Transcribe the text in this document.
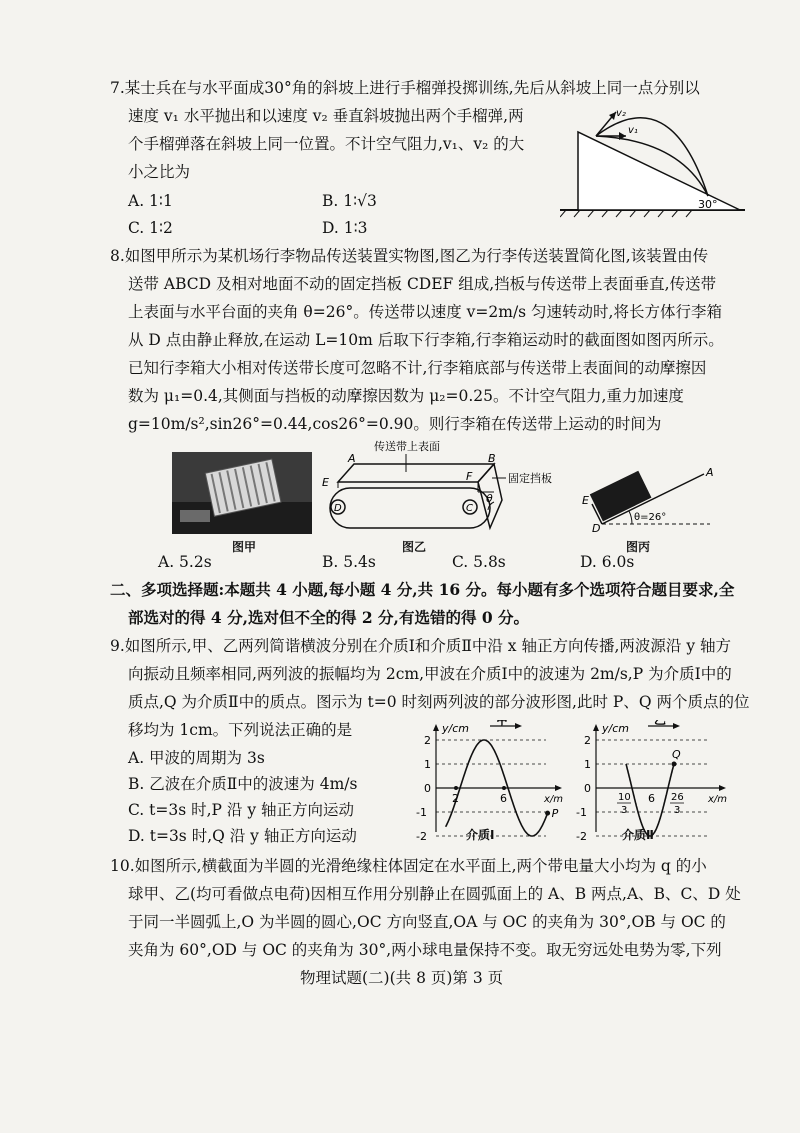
7.某士兵在与水平面成30°角的斜坡上进行手榴弹投掷训练,先后从斜坡上同一点分别以
速度 v₁ 水平抛出和以速度 v₂ 垂直斜坡抛出两个手榴弹,两
个手榴弹落在斜坡上同一位置。不计空气阻力,v₁、v₂ 的大
小之比为
A. 1∶1	B. 1∶√3
C. 1∶2	D. 1∶3
v₂
v₁
30°
8.如图甲所示为某机场行李物品传送装置实物图,图乙为行李传送装置简化图,该装置由传
送带 ABCD 及相对地面不动的固定挡板 CDEF 组成,挡板与传送带上表面垂直,传送带
上表面与水平台面的夹角 θ=26°。传送带以速度 v=2m/s 匀速转动时,将长方体行李箱
从 D 点由静止释放,在运动 L=10m 后取下行李箱,行李箱运动时的截面图如图丙所示。
已知行李箱大小相对传送带长度可忽略不计,行李箱底部与传送带上表面间的动摩擦因
数为 μ₁=0.4,其侧面与挡板的动摩擦因数为 μ₂=0.25。不计空气阻力,重力加速度
g=10m/s²,sin26°=0.44,cos26°=0.90。则行李箱在传送带上运动的时间为
图甲
传送带上表面
固定挡板
A	B
C
D
E	F
θ
图乙
E
D
A
θ=26°
图丙
A. 5.2s	B. 5.4s	C. 5.8s	D. 6.0s
二、多项选择题:本题共 4 小题,每小题 4 分,共 16 分。每小题有多个选项符合题目要求,全
部选对的得 4 分,选对但不全的得 2 分,有选错的得 0 分。
9.如图所示,甲、乙两列简谐横波分别在介质Ⅰ和介质Ⅱ中沿 x 轴正方向传播,两波源沿 y 轴方
向振动且频率相同,两列波的振幅均为 2cm,甲波在介质Ⅰ中的波速为 2m/s,P 为介质Ⅰ中的
质点,Q 为介质Ⅱ中的质点。图示为 t=0 时刻两列波的部分波形图,此时 P、Q 两个质点的位
移均为 1cm。下列说法正确的是
A. 甲波的周期为 3s
B. 乙波在介质Ⅱ中的波速为 4m/s
C. t=3s 时,P 沿 y 轴正方向运动
D. t=3s 时,Q 沿 y 轴正方向运动
y/cm
甲
x/m
2
1
0
-1
-2
2	6
P
介质Ⅰ
y/cm
乙
x/m
2
1
0
-1
-2
10
3
6 26
3
Q
介质Ⅱ
10.如图所示,横截面为半圆的光滑绝缘柱体固定在水平面上,两个带电量大小均为 q 的小
球甲、乙(均可看做点电荷)因相互作用分别静止在圆弧面上的 A、B 两点,A、B、C、D 处
于同一半圆弧上,O 为半圆的圆心,OC 方向竖直,OA 与 OC 的夹角为 30°,OB 与 OC 的
夹角为 60°,OD 与 OC 的夹角为 30°,两小球电量保持不变。取无穷远处电势为零,下列
物理试题(二)(共 8 页)第 3 页
